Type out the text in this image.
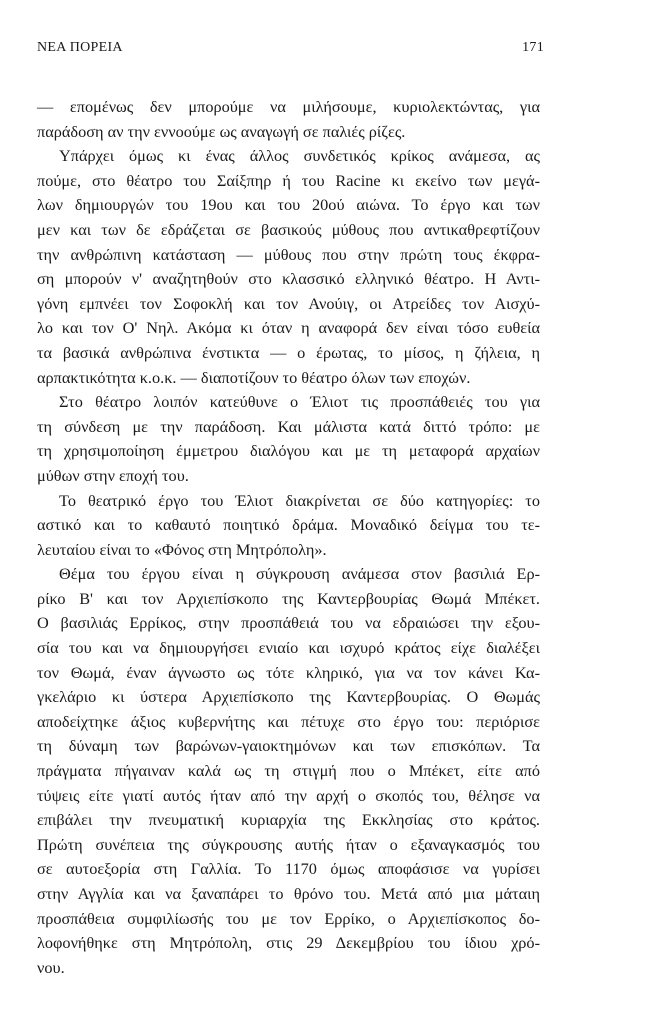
ΝΕΑ ΠΟΡΕΙΑ	171
— επομένως δεν μπορούμε να μιλήσουμε, κυριολεκτώντας, για
παράδοση αν την εννοούμε ως αναγωγή σε παλιές ρίζες.
Υπάρχει όμως κι ένας άλλος συνδετικός κρίκος ανάμεσα, ας
πούμε, στο θέατρο του Σαίξπηρ ή του Racine κι εκείνο των μεγά-
λων δημιουργών του 19ου και του 20ού αιώνα. Το έργο και των
μεν και των δε εδράζεται σε βασικούς μύθους που αντικαθρεφτίζουν
την ανθρώπινη κατάσταση — μύθους που στην πρώτη τους έκφρα-
ση μπορούν ν' αναζητηθούν στο κλασσικό ελληνικό θέατρο. Η Αντι-
γόνη εμπνέει τον Σοφοκλή και τον Ανούιγ, οι Ατρείδες τον Αισχύ-
λο και τον Ο' Νηλ. Ακόμα κι όταν η αναφορά δεν είναι τόσο ευθεία
τα βασικά ανθρώπινα ένστικτα — ο έρωτας, το μίσος, η ζήλεια, η
αρπακτικότητα κ.ο.κ. — διαποτίζουν το θέατρο όλων των εποχών.
Στο θέατρο λοιπόν κατεύθυνε ο Έλιοτ τις προσπάθειές του για
τη σύνδεση με την παράδοση. Και μάλιστα κατά διττό τρόπο: με
τη χρησιμοποίηση έμμετρου διαλόγου και με τη μεταφορά αρχαίων
μύθων στην εποχή του.
Το θεατρικό έργο του Έλιοτ διακρίνεται σε δύο κατηγορίες: το
αστικό και το καθαυτό ποιητικό δράμα. Μοναδικό δείγμα του τε-
λευταίου είναι το «Φόνος στη Μητρόπολη».
Θέμα του έργου είναι η σύγκρουση ανάμεσα στον βασιλιά Ερ-
ρίκο Β' και τον Αρχιεπίσκοπο της Καντερβουρίας Θωμά Μπέκετ.
Ο βασιλιάς Ερρίκος, στην προσπάθειά του να εδραιώσει την εξου-
σία του και να δημιουργήσει ενιαίο και ισχυρό κράτος είχε διαλέξει
τον Θωμά, έναν άγνωστο ως τότε κληρικό, για να τον κάνει Κα-
γκελάριο κι ύστερα Αρχιεπίσκοπο της Καντερβουρίας. Ο Θωμάς
αποδείχτηκε άξιος κυβερνήτης και πέτυχε στο έργο του: περιόρισε
τη δύναμη των βαρώνων-γαιοκτημόνων και των επισκόπων. Τα
πράγματα πήγαιναν καλά ως τη στιγμή που ο Μπέκετ, είτε από
τύψεις είτε γιατί αυτός ήταν από την αρχή ο σκοπός του, θέλησε να
επιβάλει την πνευματική κυριαρχία της Εκκλησίας στο κράτος.
Πρώτη συνέπεια της σύγκρουσης αυτής ήταν ο εξαναγκασμός του
σε αυτοεξορία στη Γαλλία. Το 1170 όμως αποφάσισε να γυρίσει
στην Αγγλία και να ξαναπάρει το θρόνο του. Μετά από μια μάταιη
προσπάθεια συμφιλίωσής του με τον Ερρίκο, ο Αρχιεπίσκοπος δο-
λοφονήθηκε στη Μητρόπολη, στις 29 Δεκεμβρίου του ίδιου χρό-
νου.
